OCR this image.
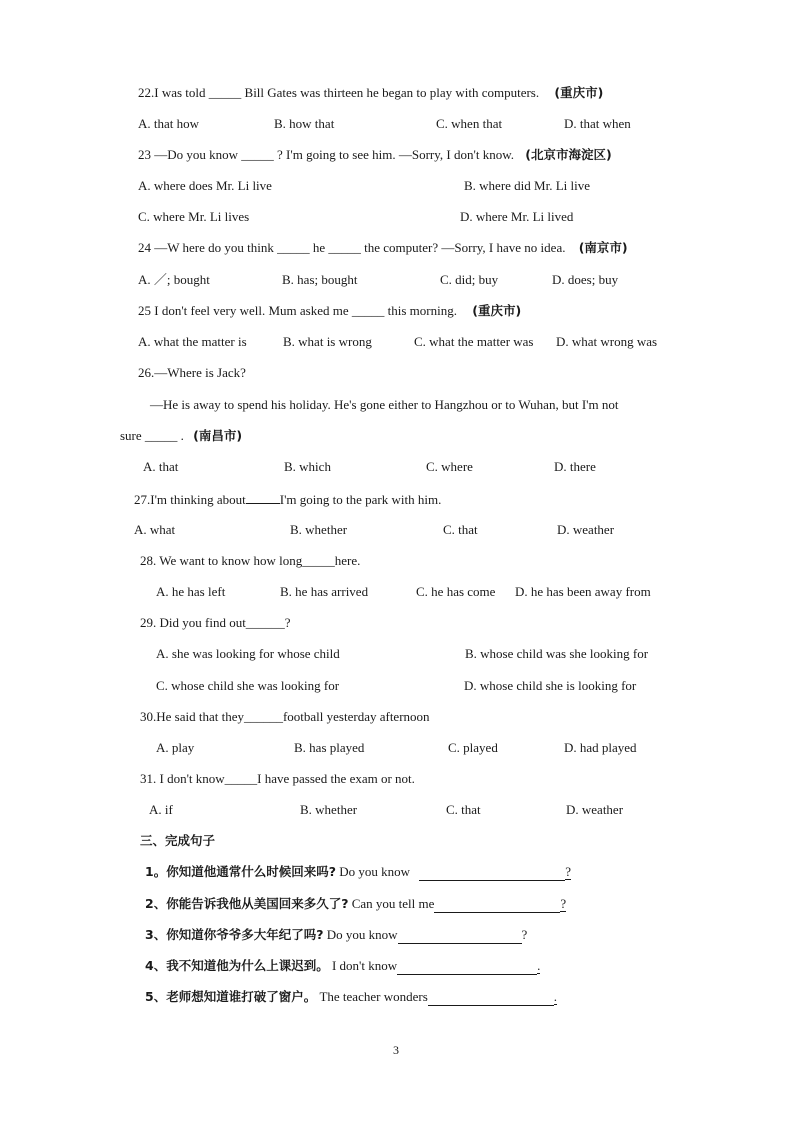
22.I was told _____ Bill Gates was thirteen he began to play with computers. (重庆市)
A. that how	B. how that	C. when that	D. that when
23 —Do you know _____ ? I'm going to see him. —Sorry, I don't know. (北京市海淀区)
A. where does Mr. Li live	B. where did Mr. Li live
C. where Mr. Li lives	D. where Mr. Li lived
24 —W here do you think _____ he _____ the computer? —Sorry, I have no idea. (南京市)
A. ／; bought	B. has; bought	C. did; buy	D. does; buy
25 I don't feel very well. Mum asked me _____ this morning. (重庆市)
A. what the matter is	B. what is wrong	C. what the matter was D. what wrong was
26.—Where is Jack?
—He is away to spend his holiday. He's gone either to Hangzhou or to Wuhan, but I'm not
sure _____ . (南昌市)
A. that	B. which	C. where	D. there
27.I'm thinking about	I'm going to the park with him.
A. what	B. whether	C. that	D. weather
28. We want to know how long_____here.
A. he has left	B. he has arrived	C. he has come D. he has been away from
29. Did you find out______?
A. she was looking for whose child	B. whose child was she looking for
C. whose child she was looking for	D. whose child she is looking for
30.He said that they______football yesterday afternoon
A. play	B. has played	C. played	D. had played
31. I don't know_____I have passed the exam or not.
A. if	B. whether	C. that	D. weather
三、完成句子
1。你知道他通常什么时候回来吗? Do you know	?
2、你能告诉我他从美国回来多久了? Can you tell me	?
3、你知道你爷爷多大年纪了吗? Do you know	?
4、我不知道他为什么上课迟到。 I don't know	.
5、老师想知道谁打破了窗户。 The teacher wonders	.
3
